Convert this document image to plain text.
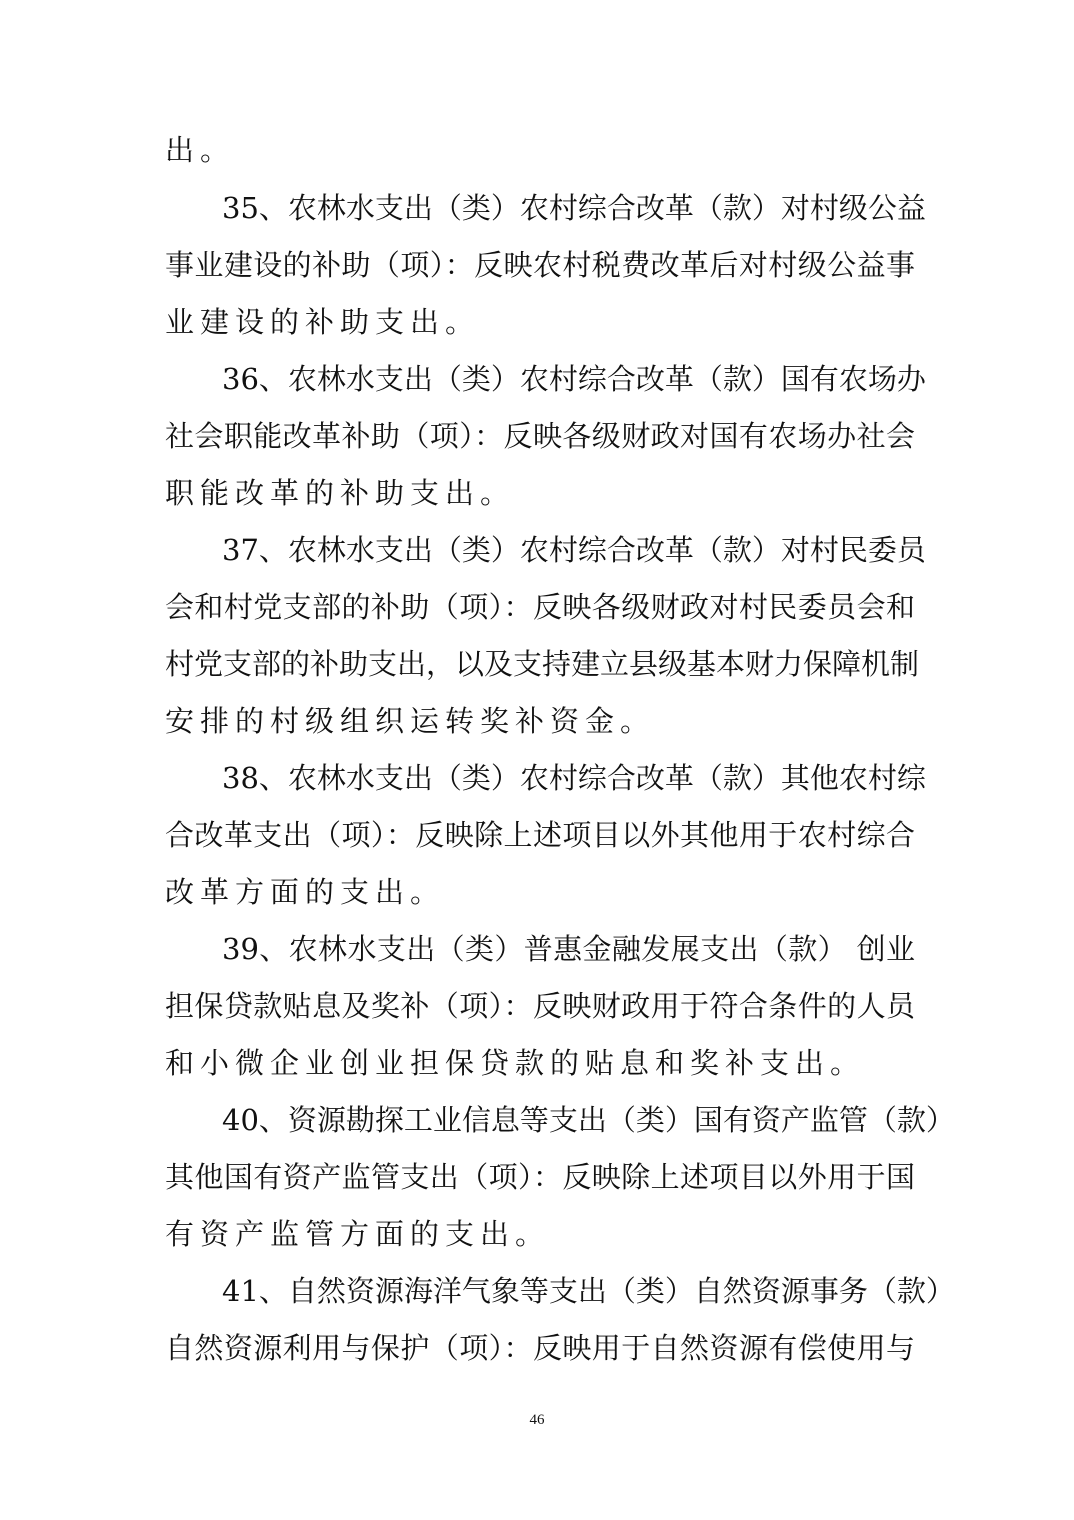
出。
35、农林水支出（类）农村综合改革（款）对村级公益
事业建设的补助（项）：反映农村税费改革后对村级公益事
业建设的补助支出。
36、农林水支出（类）农村综合改革（款）国有农场办
社会职能改革补助（项）：反映各级财政对国有农场办社会
职能改革的补助支出。
37、农林水支出（类）农村综合改革（款）对村民委员
会和村党支部的补助（项）：反映各级财政对村民委员会和
村党支部的补助支出，以及支持建立县级基本财力保障机制
安排的村级组织运转奖补资金。
38、农林水支出（类）农村综合改革（款）其他农村综
合改革支出（项）：反映除上述项目以外其他用于农村综合
改革方面的支出。
39、农林水支出（类）普惠金融发展支出（款） 创业
担保贷款贴息及奖补（项）：反映财政用于符合条件的人员
和小微企业创业担保贷款的贴息和奖补支出。
40、资源勘探工业信息等支出（类）国有资产监管（款）
其他国有资产监管支出（项）：反映除上述项目以外用于国
有资产监管方面的支出。
41、自然资源海洋气象等支出（类）自然资源事务（款）
自然资源利用与保护（项）：反映用于自然资源有偿使用与
46
